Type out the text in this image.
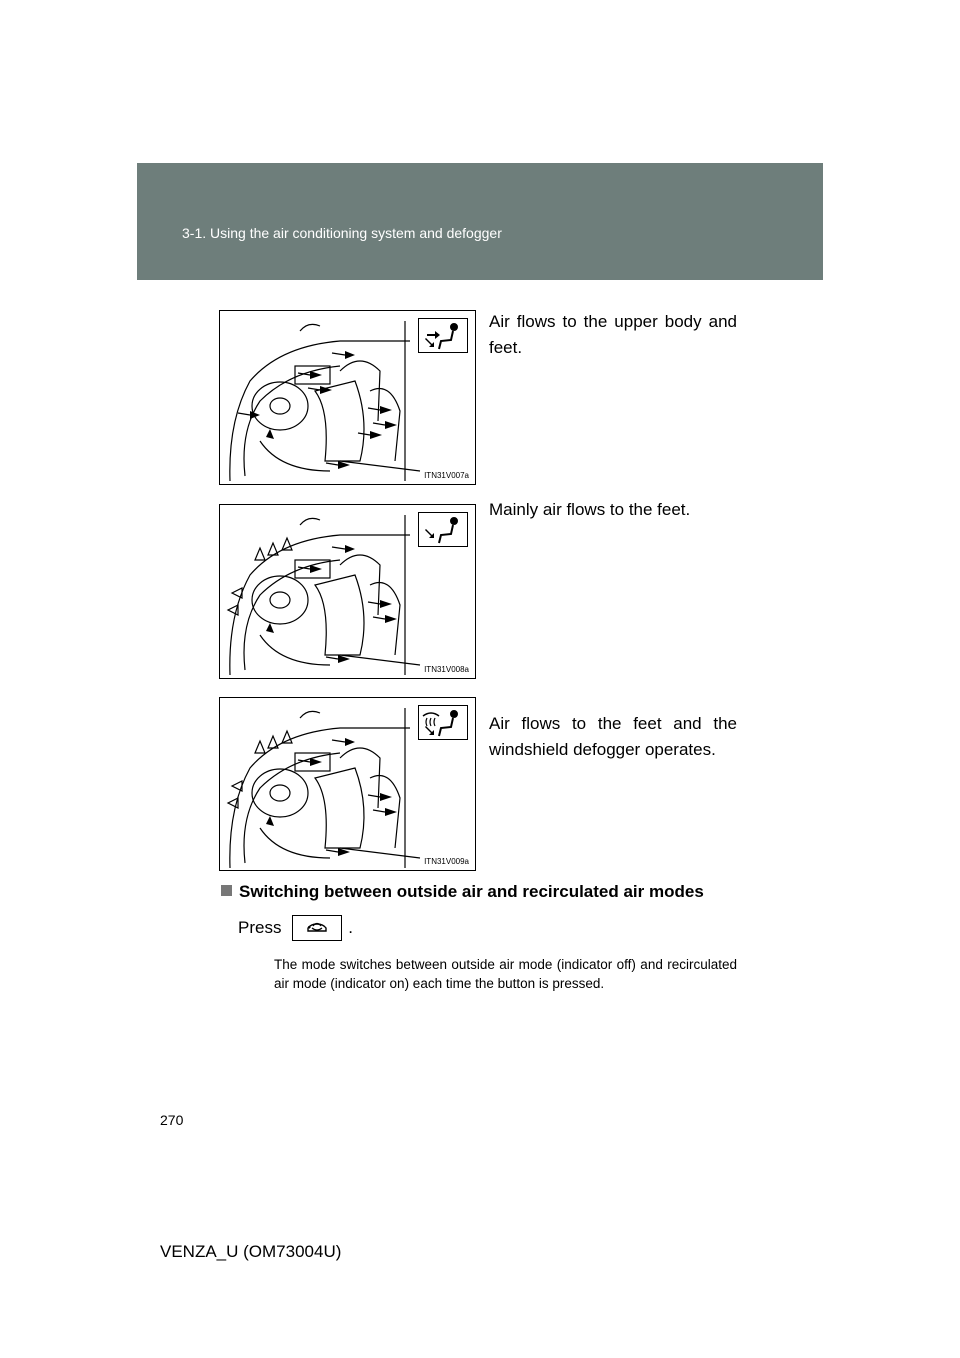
3-1. Using the air conditioning system and defogger
ITN31V007a
Air flows to the upper body and feet.
ITN31V008a
Mainly air flows to the feet.
ITN31V009a
Air flows to the feet and the windshield defogger operates.
Switching between outside air and recirculated air modes
Press	.
The mode switches between outside air mode (indicator off) and recirculated air mode (indicator on) each time the button is pressed.
270
VENZA_U (OM73004U)
